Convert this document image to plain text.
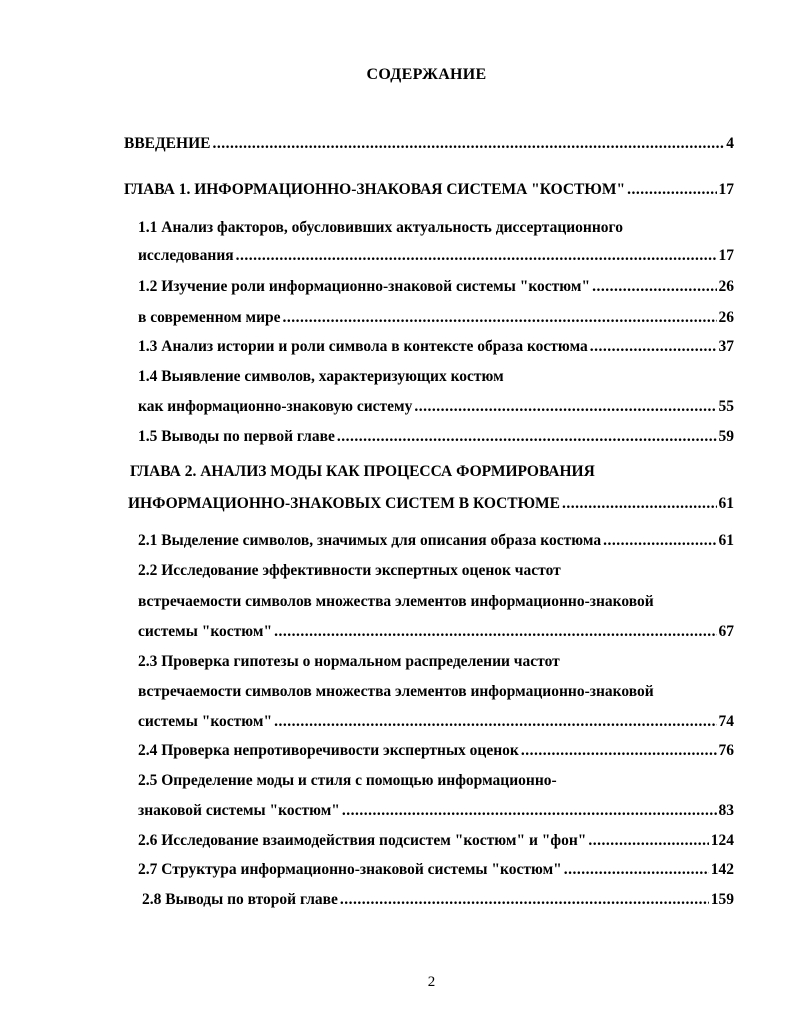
СОДЕРЖАНИЕ
ВВЕДЕНИЕ .....	4
ГЛАВА 1. ИНФОРМАЦИОННО-ЗНАКОВАЯ СИСТЕМА "КОСТЮМ" .....	17
1.1 Анализ факторов, обусловивших актуальность диссертационного
исследования .....	17
1.2 Изучение роли информационно-знаковой системы "костюм" .....	26
в современном мире .....	26
1.3 Анализ истории и роли символа в контексте образа костюма .....	37
1.4 Выявление символов, характеризующих костюм
как информационно-знаковую систему .....	55
1.5 Выводы по первой главе .....	59
ГЛАВА 2. АНАЛИЗ МОДЫ КАК ПРОЦЕССА ФОРМИРОВАНИЯ
ИНФОРМАЦИОННО-ЗНАКОВЫХ СИСТЕМ В КОСТЮМЕ .....	61
2.1 Выделение символов, значимых для описания образа костюма .....	61
2.2 Исследование эффективности экспертных оценок частот
встречаемости символов множества элементов информационно-знаковой
системы "костюм" .....	67
2.3 Проверка гипотезы о нормальном распределении частот
встречаемости символов множества элементов информационно-знаковой
системы "костюм" .....	74
2.4 Проверка непротиворечивости экспертных оценок .....	76
2.5 Определение моды и стиля с помощью информационно-
знаковой системы "костюм" .....	83
2.6 Исследование взаимодействия подсистем "костюм" и "фон" .....	124
2.7 Структура информационно-знаковой системы "костюм" .....	142
2.8 Выводы по второй главе .....	159
2
